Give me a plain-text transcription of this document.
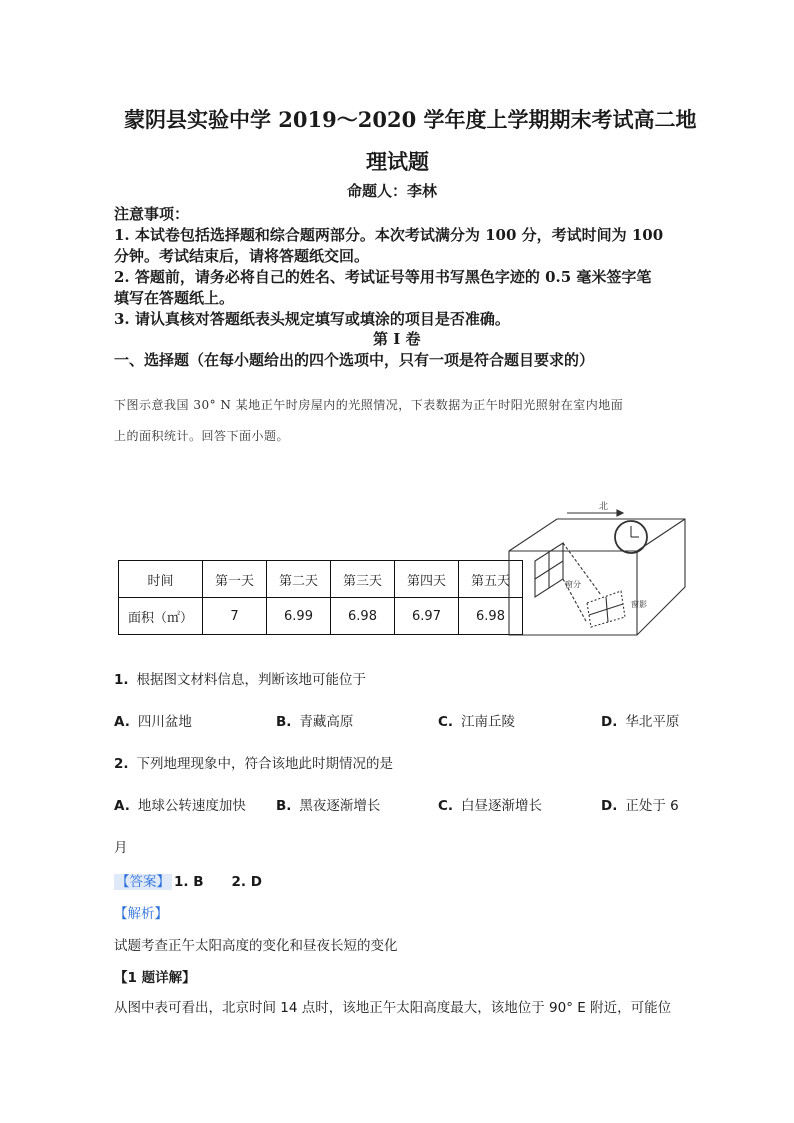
蒙阴县实验中学 2019～2020 学年度上学期期末考试高二地
理试题
命题人：李林
注意事项：
1. 本试卷包括选择题和综合题两部分。本次考试满分为 100 分，考试时间为 100
分钟。考试结束后，请将答题纸交回。
2. 答题前，请务必将自己的姓名、考试证号等用书写黑色字迹的 0.5 毫米签字笔
填写在答题纸上。
3. 请认真核对答题纸表头规定填写或填涂的项目是否准确。
第 I 卷
一、选择题（在每小题给出的四个选项中，只有一项是符合题目要求的）
下图示意我国 30° N 某地正午时房屋内的光照情况，下表数据为正午时阳光照射在室内地面
上的面积统计。回答下面小题。
时间	第一天	第二天	第三天	第四天	第五天
面积（㎡）	7	6.99	6.98	6.97	6.98
北
窗分
窗影
1. 根据图文材料信息，判断该地可能位于
A. 四川盆地	B. 青藏高原	C. 江南丘陵	D. 华北平原
2. 下列地理现象中，符合该地此时期情况的是
A. 地球公转速度加快 B. 黑夜逐渐增长	C. 白昼逐渐增长	D. 正处于 6
月
【答案】 1. B 2. D
【解析】
试题考查正午太阳高度的变化和昼夜长短的变化
【1 题详解】
从图中表可看出，北京时间 14 点时，该地正午太阳高度最大，该地位于 90° E 附近，可能位
